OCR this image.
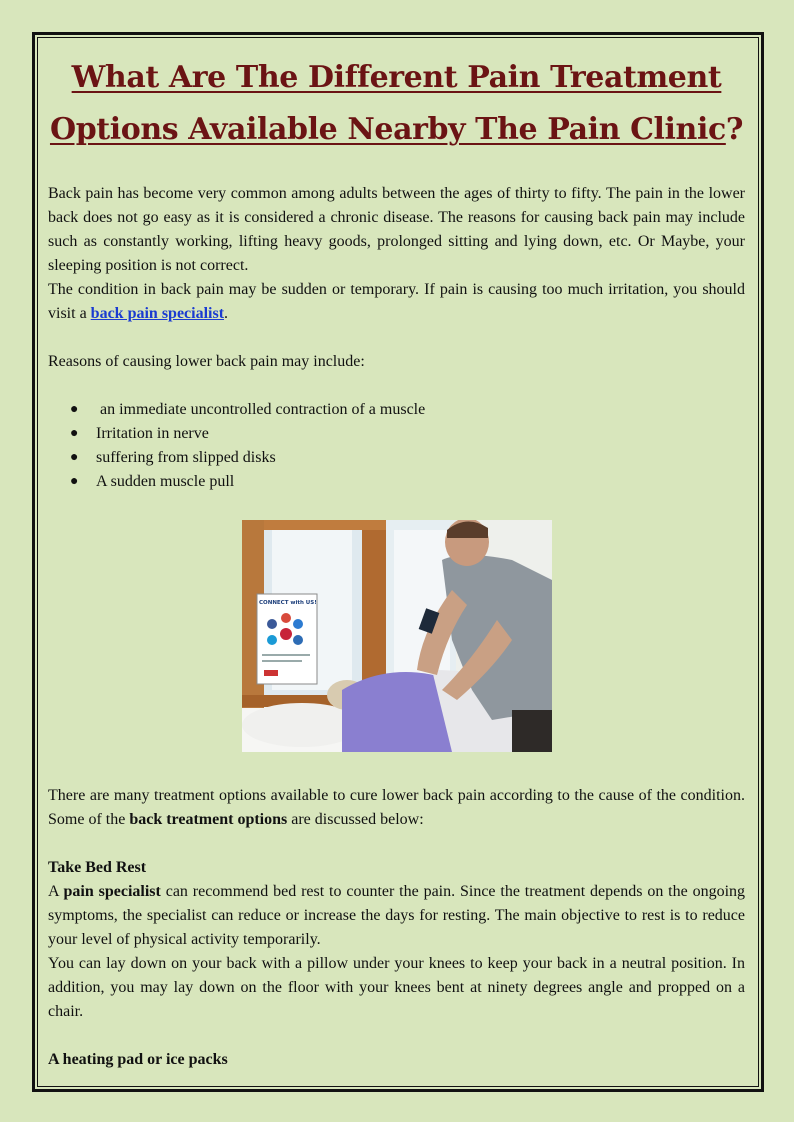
What Are The Different Pain Treatment Options Available Nearby The Pain Clinic?

Back pain has become very common among adults between the ages of thirty to fifty. The pain in the lower back does not go easy as it is considered a chronic disease. The reasons for causing back pain may include such as constantly working, lifting heavy goods, prolonged sitting and lying down, etc. Or Maybe, your sleeping position is not correct.

The condition in back pain may be sudden or temporary. If pain is causing too much irritation, you should visit a back pain specialist.

Reasons of causing lower back pain may include:

●	an immediate uncontrolled contraction of a muscle
●	Irritation in nerve
●	suffering from slipped disks
●	A sudden muscle pull
CONNECT with US!

There are many treatment options available to cure lower back pain according to the cause of the condition. Some of the back treatment options are discussed below:

Take Bed Rest

A pain specialist can recommend bed rest to counter the pain. Since the treatment depends on the ongoing symptoms, the specialist can reduce or increase the days for resting. The main objective to rest is to reduce your level of physical activity temporarily.

You can lay down on your back with a pillow under your knees to keep your back in a neutral position. In addition, you may lay down on the floor with your knees bent at ninety degrees angle and propped on a chair.

A heating pad or ice packs
